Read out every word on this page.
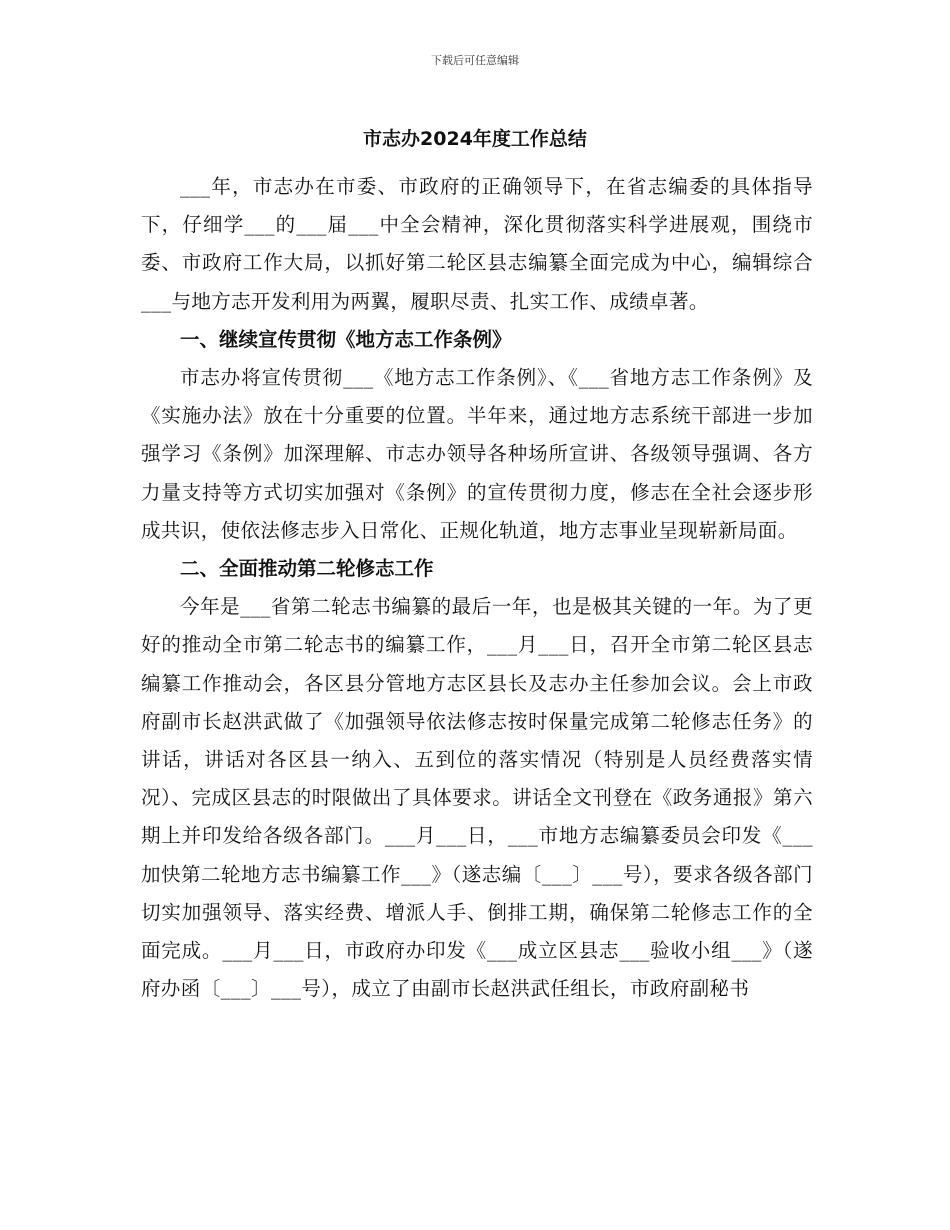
下载后可任意编辑
市志办2024年度工作总结

___年，市志办在市委、市政府的正确领导下，在省志编委的具体指导下，仔细学___的___届___中全会精神，深化贯彻落实科学进展观，围绕市委、市政府工作大局，以抓好第二轮区县志编纂全面完成为中心，编辑综合___与地方志开发利用为两翼，履职尽责、扎实工作、成绩卓著。

一、继续宣传贯彻《地方志工作条例》

市志办将宣传贯彻___《地方志工作条例》、《___省地方志工作条例》及《实施办法》放在十分重要的位置。半年来，通过地方志系统干部进一步加强学习《条例》加深理解、市志办领导各种场所宣讲、各级领导强调、各方力量支持等方式切实加强对《条例》的宣传贯彻力度，修志在全社会逐步形成共识，使依法修志步入日常化、正规化轨道，地方志事业呈现崭新局面。

二、全面推动第二轮修志工作

今年是___省第二轮志书编纂的最后一年，也是极其关键的一年。为了更好的推动全市第二轮志书的编纂工作，___月___日，召开全市第二轮区县志编纂工作推动会，各区县分管地方志区县长及志办主任参加会议。会上市政府副市长赵洪武做了《加强领导依法修志按时保量完成第二轮修志任务》的讲话，讲话对各区县一纳入、五到位的落实情况（特别是人员经费落实情况）、完成区县志的时限做出了具体要求。讲话全文刊登在《政务通报》第六期上并印发给各级各部门。___月___日，___市地方志编纂委员会印发《___加快第二轮地方志书编纂工作___》（遂志编〔___〕___号），要求各级各部门切实加强领导、落实经费、增派人手、倒排工期，确保第二轮修志工作的全面完成。___月___日，市政府办印发《___成立区县志___验收小组___》（遂府办函〔___〕___号），成立了由副市长赵洪武任组长，市政府副秘书
